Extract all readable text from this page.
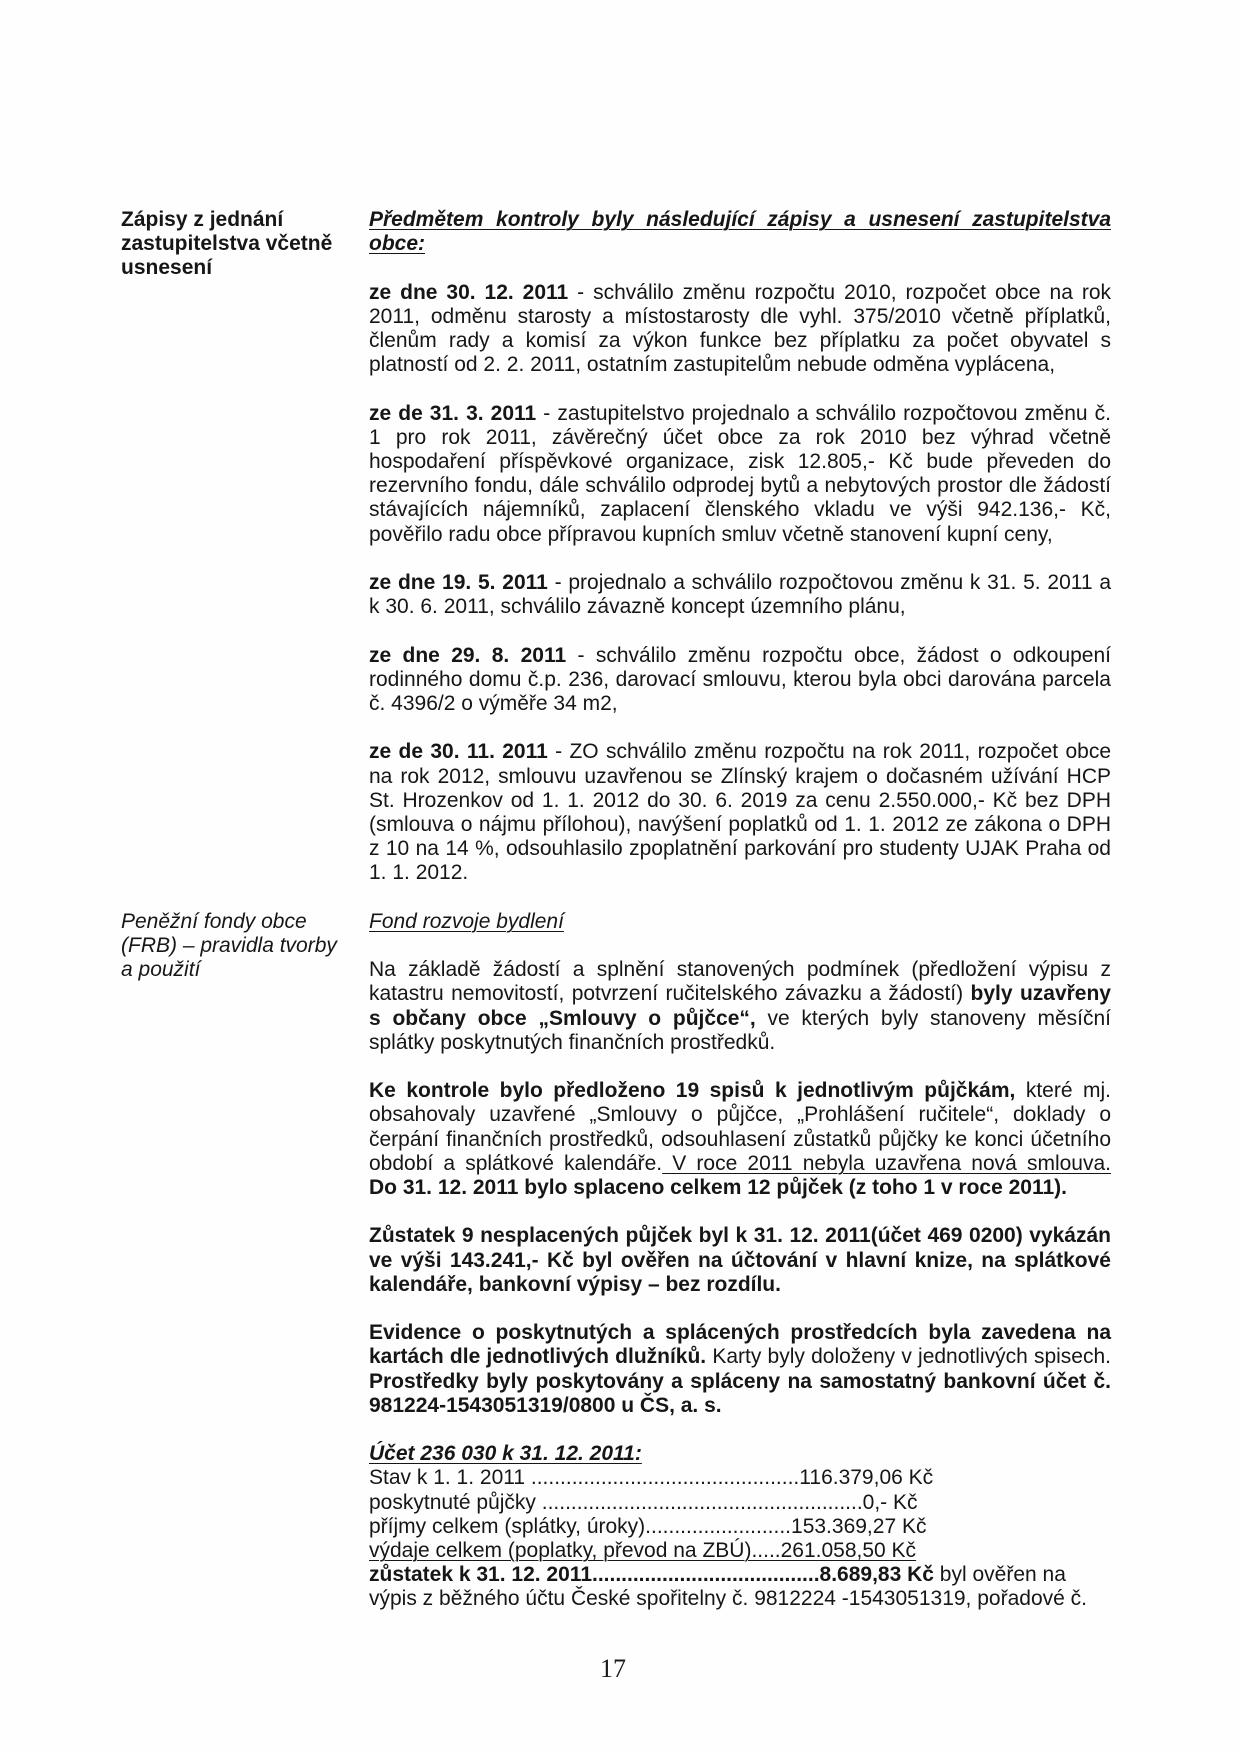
Zápisy z jednání
zastupitelstva včetně
usnesení

Předmětem kontroly byly následující zápisy a usnesení zastupitelstva obce:

ze dne 30. 12. 2011 - schválilo změnu rozpočtu 2010, rozpočet obce na rok 2011, odměnu starosty a místostarosty dle vyhl. 375/2010 včetně příplatků, členům rady a komisí za výkon funkce bez příplatku za počet obyvatel s platností od 2. 2. 2011, ostatním zastupitelům nebude odměna vyplácena,

ze de 31. 3. 2011 - zastupitelstvo projednalo a schválilo rozpočtovou změnu č. 1 pro rok 2011, závěrečný účet obce za rok 2010 bez výhrad včetně hospodaření příspěvkové organizace, zisk 12.805,- Kč bude převeden do rezervního fondu, dále schválilo odprodej bytů a nebytových prostor dle žádostí stávajících nájemníků, zaplacení členského vkladu ve výši 942.136,- Kč, pověřilo radu obce přípravou kupních smluv včetně stanovení kupní ceny,

ze dne 19. 5. 2011 - projednalo a schválilo rozpočtovou změnu k 31. 5. 2011 a k 30. 6. 2011, schválilo závazně koncept územního plánu,

ze dne 29. 8. 2011 - schválilo změnu rozpočtu obce, žádost o odkoupení rodinného domu č.p. 236, darovací smlouvu, kterou byla obci darována parcela č. 4396/2 o výměře 34 m2,

ze de 30. 11. 2011 - ZO schválilo změnu rozpočtu na rok 2011, rozpočet obce na rok 2012, smlouvu uzavřenou se Zlínský krajem o dočasném užívání HCP St. Hrozenkov od 1. 1. 2012 do 30. 6. 2019 za cenu 2.550.000,- Kč bez DPH (smlouva o nájmu přílohou), navýšení poplatků od 1. 1. 2012 ze zákona o DPH z 10 na 14 %, odsouhlasilo zpoplatnění parkování pro studenty UJAK Praha od 1. 1. 2012.

Peněžní fondy obce
(FRB) – pravidla tvorby
a použití

Fond rozvoje bydlení

Na základě žádostí a splnění stanovených podmínek (předložení výpisu z katastru nemovitostí, potvrzení ručitelského závazku a žádostí) byly uzavřeny s občany obce „Smlouvy o půjčce“, ve kterých byly stanoveny měsíční splátky poskytnutých finančních prostředků.

Ke kontrole bylo předloženo 19 spisů k jednotlivým půjčkám, které mj. obsahovaly uzavřené „Smlouvy o půjčce, „Prohlášení ručitele“, doklady o čerpání finančních prostředků, odsouhlasení zůstatků půjčky ke konci účetního období a splátkové kalendáře. V roce 2011 nebyla uzavřena nová smlouva.
Do 31. 12. 2011 bylo splaceno celkem 12 půjček (z toho 1 v roce 2011).

Zůstatek 9 nesplacených půjček byl k 31. 12. 2011(účet 469 0200) vykázán ve výši 143.241,- Kč byl ověřen na účtování v hlavní knize, na splátkové kalendáře, bankovní výpisy – bez rozdílu.

Evidence o poskytnutých a splácených prostředcích byla zavedena na kartách dle jednotlivých dlužníků. Karty byly doloženy v jednotlivých spisech. Prostředky byly poskytovány a spláceny na samostatný bankovní účet č. 981224-1543051319/0800 u ČS, a. s.

Účet 236 030 k 31. 12. 2011:
Stav k 1. 1. 2011 ..............................................116.379,06 Kč
poskytnuté půjčky .......................................................0,- Kč
příjmy celkem (splátky, úroky).........................153.369,27 Kč
výdaje celkem (poplatky, převod na ZBÚ).....261.058,50 Kč
zůstatek k 31. 12. 2011.......................................8.689,83 Kč byl ověřen na
výpis z běžného účtu České spořitelny č. 9812224 -1543051319, pořadové č.
17
